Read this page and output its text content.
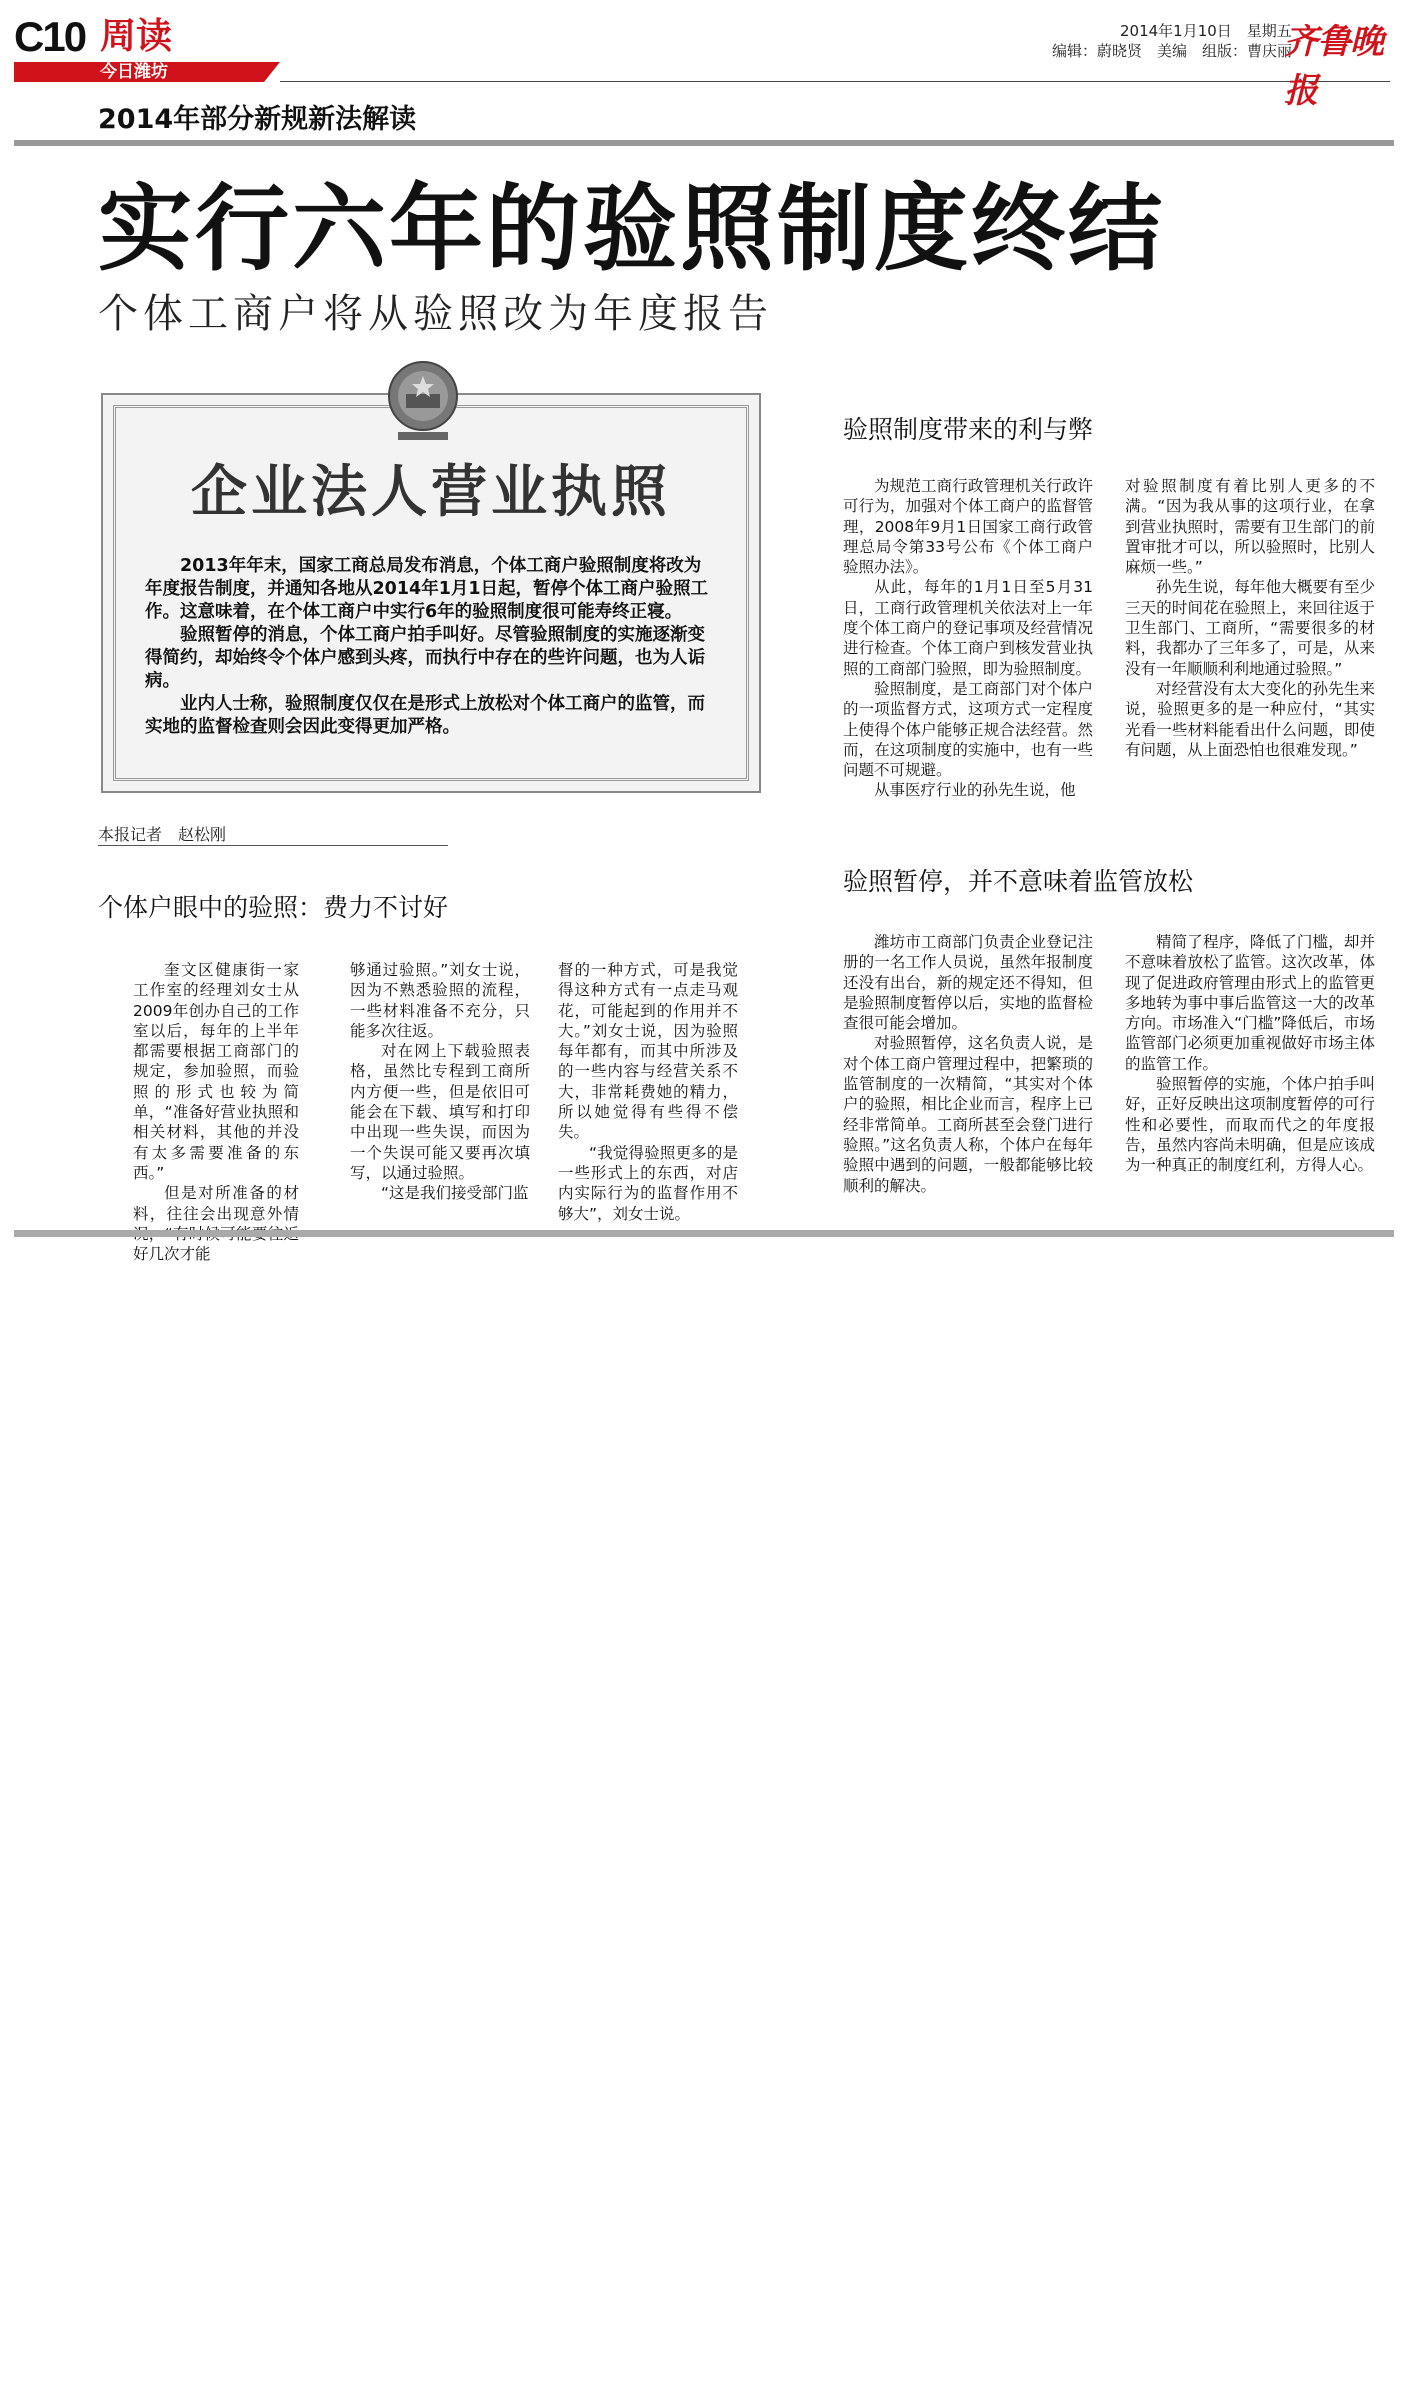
C10 周读
今日潍坊
2014年1月10日　星期五
编辑：蔚晓贤　美编　组版：曹庆丽
齐鲁晚报
2014年部分新规新法解读
实行六年的验照制度终结
个体工商户将从验照改为年度报告
企业法人营业执照

2013年年末，国家工商总局发布消息，个体工商户验照制度将改为年度报告制度，并通知各地从2014年1月1日起，暂停个体工商户验照工作。这意味着，在个体工商户中实行6年的验照制度很可能寿终正寝。

验照暂停的消息，个体工商户拍手叫好。尽管验照制度的实施逐渐变得简约，却始终令个体户感到头疼，而执行中存在的些许问题，也为人诟病。

业内人士称，验照制度仅仅在是形式上放松对个体工商户的监管，而实地的监督检查则会因此变得更加严格。

本报记者　赵松刚
个体户眼中的验照：费力不讨好

奎文区健康街一家工作室的经理刘女士从2009年创办自己的工作室以后，每年的上半年都需要根据工商部门的规定，参加验照，而验照的形式也较为简单，“准备好营业执照和相关材料，其他的并没有太多需要准备的东西。”

但是对所准备的材料，往往会出现意外情 好几次才能

够通过验照。”刘女士说，因为不熟悉验照的流程，一些材料准备不充分，只能多次往返。

对在网上下载验照表格，虽然比专程到工商所内方便一些，但是依旧可能会在下载、填写和打印中出现一些失误，而因为一个失误可能又要再次填写，以通过验照。

“这是我们接受部门监

督的一种方式，可是我觉得这种方式有一点走马观花，可能起到的作用并不大。”刘女士说，因为验照每年都有，而其中所涉及的一些内容与经营关系不大，非常耗费她的精力，所以她觉得有些得不偿失。

“我觉得验照更多的是一些形式上的东西，对店内实际行为的监督作用不够大”，刘女士说。

验照制度带来的利与弊

为规范工商行政管理机关行政许可行为，加强对个体工商户的监督管理，2008年9月1日国家工商行政管理总局令第33号公布《个体工商户验照办法》。

从此，每年的1月1日至5月31日，工商行政管理机关依法对上一年度个体工商户的登记事项及经营情况进行检查。个体工商户到核发营业执照的工商部门验照，即为验照制度。

验照制度，是工商部门对个体户的一项监督方式，这项方式一定程度上使得个体户能够正规合法经营。然而，在这项制度的实施中，也有一些问题不可规避。

从事医疗行业的孙先生说，他

对验照制度有着比别人更多的不满。“因为我从事的这项行业，在拿到营业执照时，需要有卫生部门的前置审批才可以，所以验照时，比别人麻烦一些。”

孙先生说，每年他大概要有至少三天的时间花在验照上，来回往返于卫生部门、工商所，“需要很多的材料，我都办了三年多了，可是，从来没有一年顺顺利利地通过验照。”

对经营没有太大变化的孙先生来说，验照更多的是一种应付，“其实光看一些材料能看出什么问题，即使有问题，从上面恐怕也很难发现。”

验照暂停，并不意味着监管放松

潍坊市工商部门负责企业登记注册的一名工作人员说，虽然年报制度还没有出台，新的规定还不得知，但是验照制度暂停以后，实地的监督检查很可能会增加。

对验照暂停，这名负责人说，是对个体工商户管理过程中，把繁琐的监管制度的一次精简，“其实对个体户的验照，相比企业而言，程序上已经非常简单。工商所甚至会登门进行验照。”这名负责人称，个体户在每年验照中遇到的问题，一般都能够比较顺利的解决。

精简了程序，降低了门槛，却并不意味着放松了监管。这次改革，体现了促进政府管理由形式上的监管更多地转为事中事后监管这一大的改革方向。市场准入“门槛”降低后，市场监管部门必须更加重视做好市场主体的监管工作。

验照暂停的实施，个体户拍手叫好，正好反映出这项制度暂停的可行性和必要性，而取而代之的年度报告，虽然内容尚未明确，但是应该成为一种真正的制度红利，方得人心。
